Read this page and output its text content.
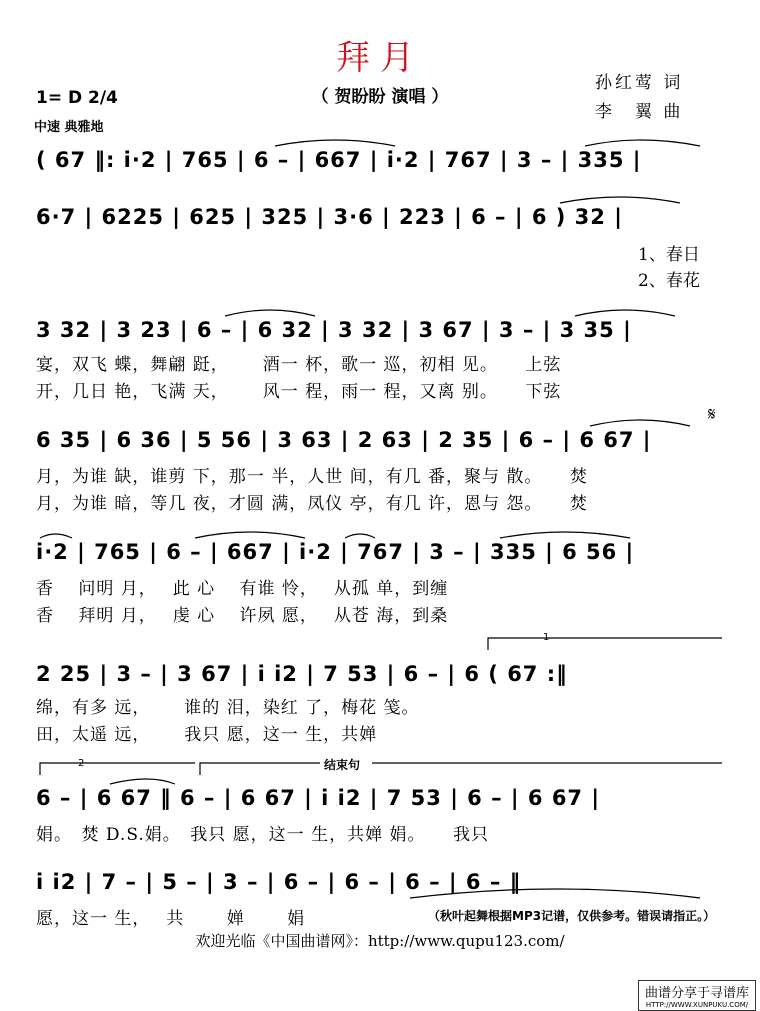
拜月
（ 贺盼盼 演唱 ）
孙红莺 词
李　翼 曲
1= D 2/4
中速 典雅地
( 67 ‖: i·2 | 765 | 6 – | 667 | i·2 | 767 | 3 – | 335 |
6·7 | 6225 | 625 | 325 | 3·6 | 223 | 6 – | 6 ) 32 |
1、春日
2、春花
3 32 | 3 23 | 6 – | 6 32 | 3 32 | 3 67 | 3 – | 3 35 |
宴，双飞 蝶，舞翩 跹，　　 酒一 杯，歌一 巡，初相 见。　　上弦
开，几日 艳，飞满 天，　　 风一 程，雨一 程，又离 别。　　下弦
6 35 | 6 36 | 5 56 | 3 63 | 2 63 | 2 35 | 6 – | 6 67 |
𝄋
月，为谁 缺，谁剪 下，那一 半，人世 间，有几 番，聚与 散。　　焚
月，为谁 暗，等几 夜，才圆 满，凤仪 亭，有几 许，恩与 怨。　　焚
i·2 | 765 | 6 – | 667 | i·2 | 767 | 3 – | 335 | 6 56 |
香　 问明 月，　 此 心　 有谁 怜，　 从孤 单，到缠
香　 拜明 月，　 虔 心　 许夙 愿，　 从苍 海，到桑
1
2 25 | 3 – | 3 67 | i i2 | 7 53 | 6 – | 6 ( 67 :‖
绵，有多 远，　　 谁的 泪，染红 了，梅花 笺。
田，太遥 远，　　 我只 愿，这一 生，共婵
2	结束句
6 – | 6 67 ‖ 6 – | 6 67 | i i2 | 7 53 | 6 – | 6 67 |
娟。　焚 D.S.娟。　我只 愿，这一 生，共婵 娟。　　我只
i i2 | 7 – | 5 – | 3 – | 6 – | 6 – | 6 – | 6 – ‖
愿，这一 生，　 共　　 婵　　 娟	（秋叶起舞根据MP3记谱，仅供参考。错误请指正。）
欢迎光临《中国曲谱网》：http://www.qupu123.com/
曲谱分享于寻谱库
HTTP://WWW.XUNPUKU.COM/
